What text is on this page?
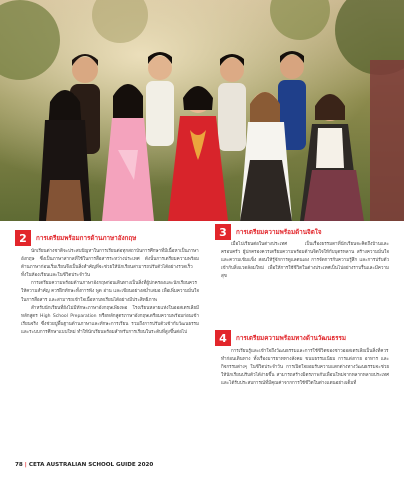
2	การเตรียมพร้อมการด้านภาษาอังกฤษ

นักเรียนต่างชาติจะประสบปัญหาในการเรียนต่อทุกสถาบันการศึกษาที่มีเนื้อหาเป็นภาษาอังกฤษ ซึ่งเป็นภาษาสากลที่ใช้ในการสื่อสารระหว่างประเทศ ดังนั้นการเตรียมความพร้อมด้านภาษาก่อนเริ่มเรียนจึงเป็นสิ่งสำคัญที่จะช่วยให้นักเรียนสามารถปรับตัวได้อย่างรวดเร็ว ทั้งในห้องเรียนและในชีวิตประจำวัน

การเตรียมความพร้อมด้านภาษาอังกฤษก่อนเดินทางเป็นสิ่งที่ผู้ปกครองและนักเรียนควรให้ความสำคัญ ควรฝึกทักษะทั้งการฟัง พูด อ่าน และเขียนอย่างสม่ำเสมอ เพื่อเพิ่มความมั่นใจในการสื่อสาร และสามารถเข้าใจเนื้อหาบทเรียนได้อย่างมีประสิทธิภาพ

สำหรับนักเรียนที่ยังไม่มีทักษะภาษาอังกฤษเพียงพอ โรงเรียนหลายแห่งในออสเตรเลียมีหลักสูตร High School Preparation หรือหลักสูตรภาษาอังกฤษเตรียมความพร้อมก่อนเข้าเรียนจริง ซึ่งช่วยปูพื้นฐานด้านภาษาและทักษะการเรียน รวมถึงการปรับตัวเข้ากับวัฒนธรรมและระบบการศึกษาแบบใหม่ ทำให้นักเรียนพร้อมสำหรับการเรียนในระดับที่สูงขึ้นต่อไป

3	การเตรียมความพร้อมด้านจิตใจ

เมื่อไปเรียนต่อในต่างประเทศ เป็นเรื่องธรรมดาที่นักเรียนจะคิดถึงบ้านและครอบครัว ผู้ปกครองควรเตรียมความพร้อมด้านจิตใจให้กับบุตรหลาน สร้างความมั่นใจและความเข้มแข็ง สอนให้รู้จักการดูแลตนเอง การจัดการกับความรู้สึก และการปรับตัวเข้ากับสิ่งแวดล้อมใหม่ เพื่อให้การใช้ชีวิตในต่างประเทศเป็นไปอย่างราบรื่นและมีความสุข

4	การเตรียมความพร้อมทางด้านวัฒนธรรม

การเรียนรู้และเข้าใจถึงวัฒนธรรมและการใช้ชีวิตของชาวออสเตรเลียเป็นสิ่งที่ควรทำก่อนเดินทาง ทั้งเรื่องมารยาททางสังคม ขนบธรรมเนียม การแต่งกาย อาหาร และกิจกรรมต่างๆ ในชีวิตประจำวัน การเปิดใจยอมรับความแตกต่างทางวัฒนธรรมจะช่วยให้นักเรียนปรับตัวได้ง่ายขึ้น สามารถสร้างมิตรภาพกับเพื่อนใหม่จากหลากหลายประเทศ และได้รับประสบการณ์ที่มีคุณค่าจากการใช้ชีวิตในต่างแดนอย่างเต็มที่

78 | CETA AUSTRALIAN SCHOOL GUIDE 2020
